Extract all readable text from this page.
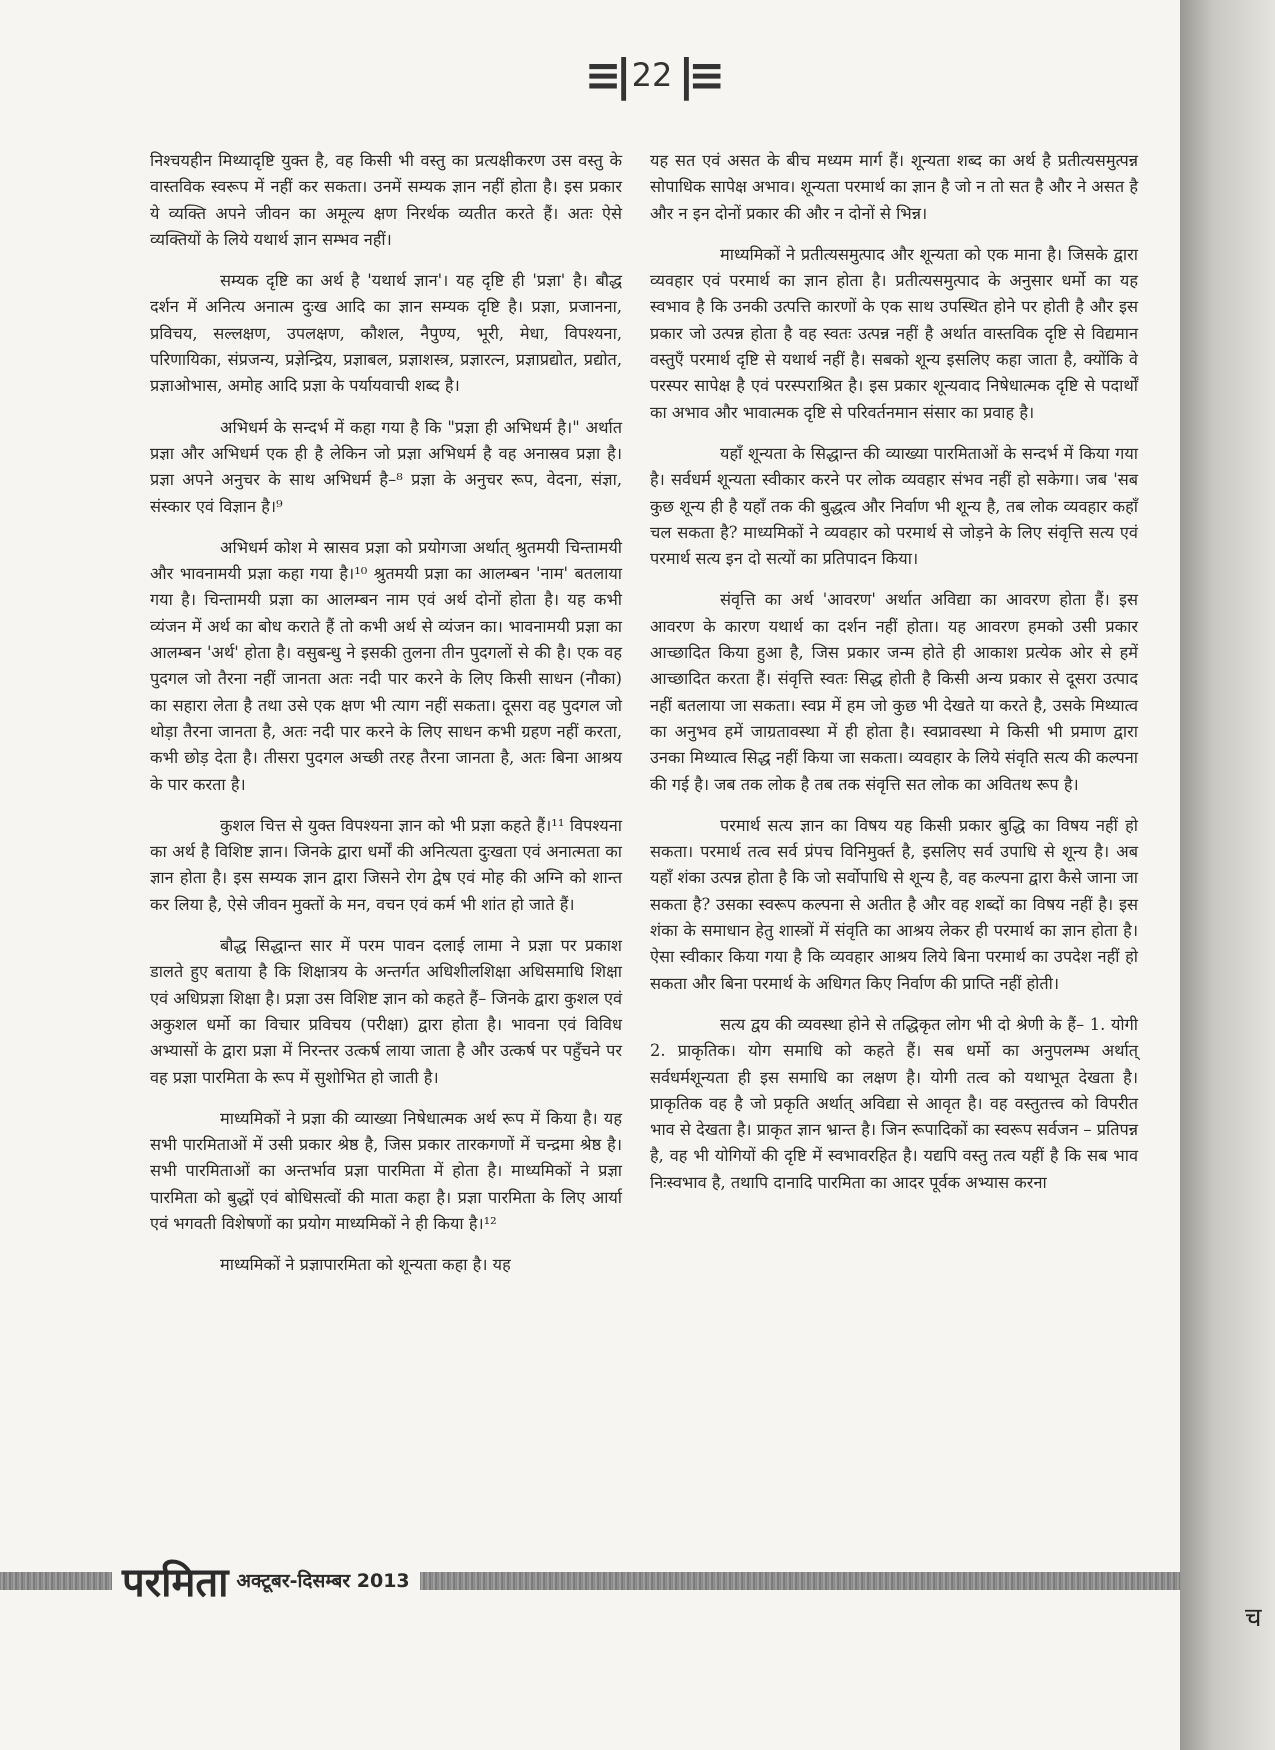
≡| 22 |≡

निश्चयहीन मिथ्यादृष्टि युक्त है, वह किसी भी वस्तु का प्रत्यक्षीकरण उस वस्तु के वास्तविक स्वरूप में नहीं कर सकता। उनमें सम्यक ज्ञान नहीं होता है। इस प्रकार ये व्यक्ति अपने जीवन का अमूल्य क्षण निरर्थक व्यतीत करते हैं। अतः ऐसे व्यक्तियों के लिये यथार्थ ज्ञान सम्भव नहीं।

सम्यक दृष्टि का अर्थ है 'यथार्थ ज्ञान'। यह दृष्टि ही 'प्रज्ञा' है। बौद्ध दर्शन में अनित्य अनात्म दुःख आदि का ज्ञान सम्यक दृष्टि है। प्रज्ञा, प्रजानना, प्रविचय, सल्लक्षण, उपलक्षण, कौशल, नैपुण्य, भूरी, मेधा, विपश्यना, परिणायिका, संप्रजन्य, प्रज्ञेन्द्रिय, प्रज्ञाबल, प्रज्ञाशस्त्र, प्रज्ञारत्न, प्रज्ञाप्रद्योत, प्रद्योत, प्रज्ञाओभास, अमोह आदि प्रज्ञा के पर्यायवाची शब्द है।

अभिधर्म के सन्दर्भ में कहा गया है कि "प्रज्ञा ही अभिधर्म है।" अर्थात प्रज्ञा और अभिधर्म एक ही है लेकिन जो प्रज्ञा अभिधर्म है वह अनास्रव प्रज्ञा है। प्रज्ञा अपने अनुचर के साथ अभिधर्म है–⁸ प्रज्ञा के अनुचर रूप, वेदना, संज्ञा, संस्कार एवं विज्ञान है।⁹

अभिधर्म कोश मे स्रासव प्रज्ञा को प्रयोगजा अर्थात् श्रुतमयी चिन्तामयी और भावनामयी प्रज्ञा कहा गया है।¹⁰ श्रुतमयी प्रज्ञा का आलम्बन 'नाम' बतलाया गया है। चिन्तामयी प्रज्ञा का आलम्बन नाम एवं अर्थ दोनों होता है। यह कभी व्यंजन में अर्थ का बोध कराते हैं तो कभी अर्थ से व्यंजन का। भावनामयी प्रज्ञा का आलम्बन 'अर्थ' होता है। वसुबन्धु ने इसकी तुलना तीन पुदगलों से की है। एक वह पुदगल जो तैरना नहीं जानता अतः नदी पार करने के लिए किसी साधन (नौका) का सहारा लेता है तथा उसे एक क्षण भी त्याग नहीं सकता। दूसरा वह पुदगल जो थोड़ा तैरना जानता है, अतः नदी पार करने के लिए साधन कभी ग्रहण नहीं करता, कभी छोड़ देता है। तीसरा पुदगल अच्छी तरह तैरना जानता है, अतः बिना आश्रय के पार करता है।

कुशल चित्त से युक्त विपश्यना ज्ञान को भी प्रज्ञा कहते हैं।¹¹ विपश्यना का अर्थ है विशिष्ट ज्ञान। जिनके द्वारा धर्मों की अनित्यता दुःखता एवं अनात्मता का ज्ञान होता है। इस सम्यक ज्ञान द्वारा जिसने रोग द्वेष एवं मोह की अग्नि को शान्त कर लिया है, ऐसे जीवन मुक्तों के मन, वचन एवं कर्म भी शांत हो जाते हैं।

बौद्ध सिद्धान्त सार में परम पावन दलाई लामा ने प्रज्ञा पर प्रकाश डालते हुए बताया है कि शिक्षात्रय के अन्तर्गत अधिशीलशिक्षा अधिसमाधि शिक्षा एवं अधिप्रज्ञा शिक्षा है। प्रज्ञा उस विशिष्ट ज्ञान को कहते हैं– जिनके द्वारा कुशल एवं अकुशल धर्मो का विचार प्रविचय (परीक्षा) द्वारा होता है। भावना एवं विविध अभ्यासों के द्वारा प्रज्ञा में निरन्तर उत्कर्ष लाया जाता है और उत्कर्ष पर पहुँचने पर वह प्रज्ञा पारमिता के रूप में सुशोभित हो जाती है।

माध्यमिकों ने प्रज्ञा की व्याख्या निषेधात्मक अर्थ रूप में किया है। यह सभी पारमिताओं में उसी प्रकार श्रेष्ठ है, जिस प्रकार तारकगणों में चन्द्रमा श्रेष्ठ है। सभी पारमिताओं का अन्तर्भाव प्रज्ञा पारमिता में होता है। माध्यमिकों ने प्रज्ञा पारमिता को बुद्धों एवं बोधिसत्वों की माता कहा है। प्रज्ञा पारमिता के लिए आर्या एवं भगवती विशेषणों का प्रयोग माध्यमिकों ने ही किया है।¹²

माध्यमिकों ने प्रज्ञापारमिता को शून्यता कहा है। यह

यह सत एवं असत के बीच मध्यम मार्ग हैं। शून्यता शब्द का अर्थ है प्रतीत्यसमुत्पन्न सोपाधिक सापेक्ष अभाव। शून्यता परमार्थ का ज्ञान है जो न तो सत है और ने असत है और न इन दोनों प्रकार की और न दोनों से भिन्न।

माध्यमिकों ने प्रतीत्यसमुत्पाद और शून्यता को एक माना है। जिसके द्वारा व्यवहार एवं परमार्थ का ज्ञान होता है। प्रतीत्यसमुत्पाद के अनुसार धर्मो का यह स्वभाव है कि उनकी उत्पत्ति कारणों के एक साथ उपस्थित होने पर होती है और इस प्रकार जो उत्पन्न होता है वह स्वतः उत्पन्न नहीं है अर्थात वास्तविक दृष्टि से विद्यमान वस्तुएँ परमार्थ दृष्टि से यथार्थ नहीं है। सबको शून्य इसलिए कहा जाता है, क्योंकि वे परस्पर सापेक्ष है एवं परस्पराश्रित है। इस प्रकार शून्यवाद निषेधात्मक दृष्टि से पदार्थों का अभाव और भावात्मक दृष्टि से परिवर्तनमान संसार का प्रवाह है।

यहाँ शून्यता के सिद्धान्त की व्याख्या पारमिताओं के सन्दर्भ में किया गया है। सर्वधर्म शून्यता स्वीकार करने पर लोक व्यवहार संभव नहीं हो सकेगा। जब 'सब कुछ शून्य ही है यहाँ तक की बुद्धत्व और निर्वाण भी शून्य है, तब लोक व्यवहार कहाँ चल सकता है? माध्यमिकों ने व्यवहार को परमार्थ से जोड़ने के लिए संवृत्ति सत्य एवं परमार्थ सत्य इन दो सत्यों का प्रतिपादन किया।

संवृत्ति का अर्थ 'आवरण' अर्थात अविद्या का आवरण होता हैं। इस आवरण के कारण यथार्थ का दर्शन नहीं होता। यह आवरण हमको उसी प्रकार आच्छादित किया हुआ है, जिस प्रकार जन्म होते ही आकाश प्रत्येक ओर से हमें आच्छादित करता हैं। संवृत्ति स्वतः सिद्ध होती है किसी अन्य प्रकार से दूसरा उत्पाद नहीं बतलाया जा सकता। स्वप्न में हम जो कुछ भी देखते या करते है, उसके मिथ्यात्व का अनुभव हमें जाग्रतावस्था में ही होता है। स्वप्नावस्था मे किसी भी प्रमाण द्वारा उनका मिथ्यात्व सिद्ध नहीं किया जा सकता। व्यवहार के लिये संवृति सत्य की कल्पना की गई है। जब तक लोक है तब तक संवृत्ति सत लोक का अवितथ रूप है।

परमार्थ सत्य ज्ञान का विषय यह किसी प्रकार बुद्धि का विषय नहीं हो सकता। परमार्थ तत्व सर्व प्रंपच विनिमुर्क्त है, इसलिए सर्व उपाधि से शून्य है। अब यहाँ शंका उत्पन्न होता है कि जो सर्वोपाधि से शून्य है, वह कल्पना द्वारा कैसे जाना जा सकता है? उसका स्वरूप कल्पना से अतीत है और वह शब्दों का विषय नहीं है। इस शंका के समाधान हेतु शास्त्रों में संवृति का आश्रय लेकर ही परमार्थ का ज्ञान होता है। ऐसा स्वीकार किया गया है कि व्यवहार आश्रय लिये बिना परमार्थ का उपदेश नहीं हो सकता और बिना परमार्थ के अधिगत किए निर्वाण की प्राप्ति नहीं होती।

सत्य द्वय की व्यवस्था होने से तद्धिकृत लोग भी दो श्रेणी के हैं– 1. योगी 2. प्राकृतिक। योग समाधि को कहते हैं। सब धर्मो का अनुपलम्भ अर्थात् सर्वधर्मशून्यता ही इस समाधि का लक्षण है। योगी तत्व को यथाभूत देखता है। प्राकृतिक वह है जो प्रकृति अर्थात् अविद्या से आवृत है। वह वस्तुतत्त्व को विपरीत भाव से देखता है। प्राकृत ज्ञान भ्रान्त है। जिन रूपादिकों का स्वरूप सर्वजन – प्रतिपन्न है, वह भी योगियों की दृष्टि में स्वभावरहित है। यद्यपि वस्तु तत्व यहीं है कि सब भाव निःस्वभाव है, तथापि दानादि पारमिता का आदर पूर्वक अभ्यास करना

परमिता अक्टूबर-दिसम्बर 2013
च
